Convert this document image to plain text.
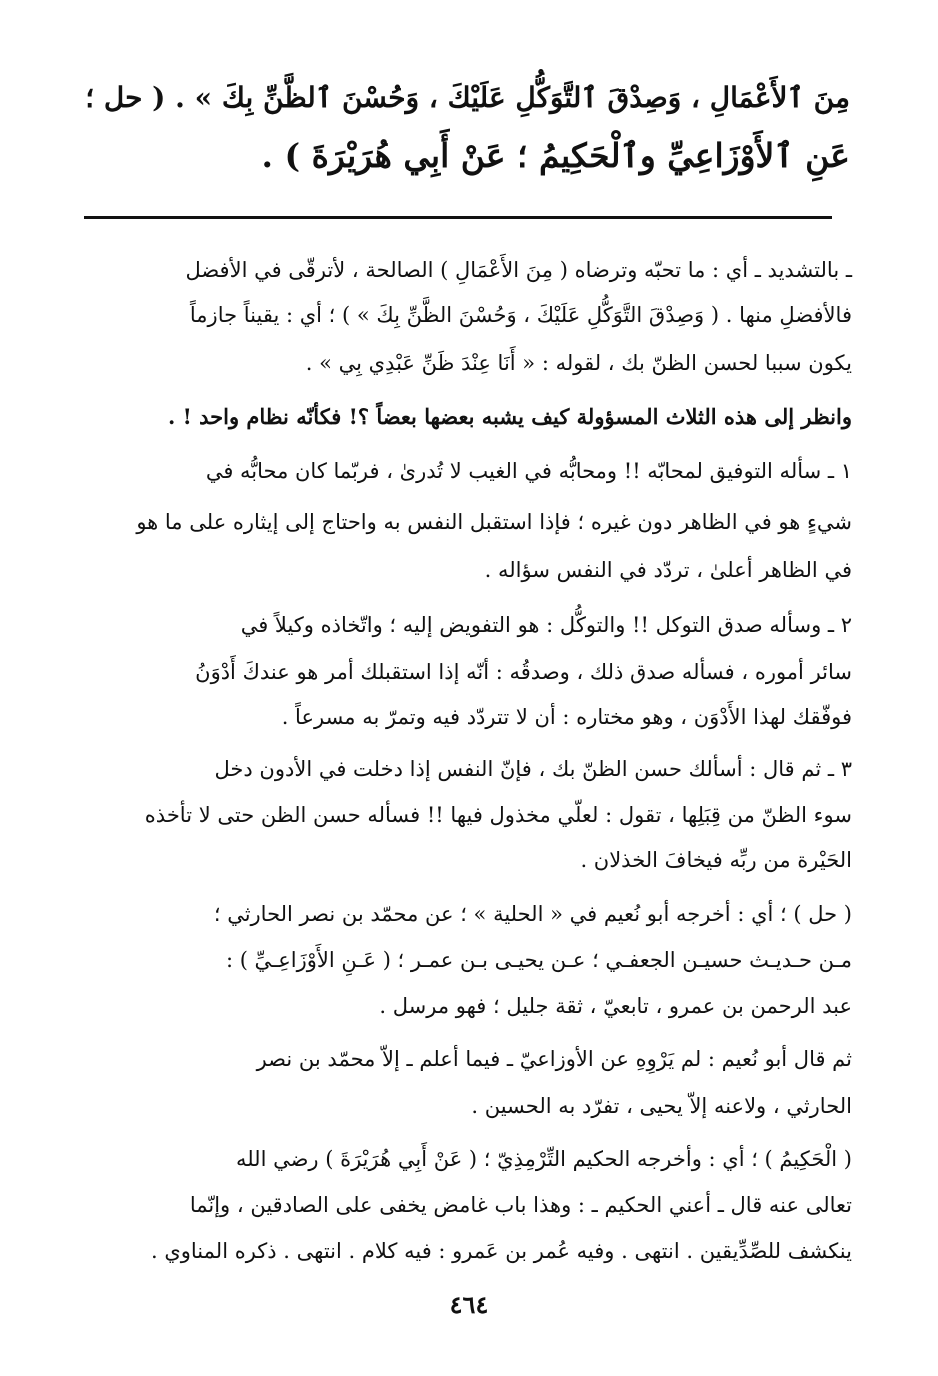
مِنَ ٱلأَعْمَالِ ، وَصِدْقَ ٱلتَّوَكُّلِ عَلَيْكَ ، وَحُسْنَ ٱلظَّنِّ بِكَ » . ( حل ؛
عَنِ ٱلأَوْزَاعِيِّ وٱلْحَكِيمُ ؛ عَنْ أَبِي هُرَيْرَةَ ) .
ـ بالتشديد ـ أي : ما تحبّه وترضاه ( مِنَ الأَعْمَالِ ) الصالحة ، لأترقّى في الأفضل
فالأفضلِ منها . ( وَصِدْقَ التَّوَكُّلِ عَلَيْكَ ، وَحُسْنَ الظَّنِّ بِكَ » ) ؛ أي : يقيناً جازماً
يكون سببا لحسن الظنّ بك ، لقوله : « أَنَا عِنْدَ ظَنِّ عَبْدِي بِي » .
وانظر إلى هذه الثلاث المسؤولة كيف يشبه بعضها بعضاً ؟! فكأنّه نظام واحد ! .
١ ـ سأله التوفيق لمحابّه !! ومحابُّه في الغيب لا تُدرىٰ ، فربّما كان محابُّه في
شيءٍ هو في الظاهر دون غيره ؛ فإذا استقبل النفس به واحتاج إلى إيثاره على ما هو
في الظاهر أعلىٰ ، تردّد في النفس سؤاله .
٢ ـ وسأله صدق التوكل !! والتوكُّل : هو التفويض إليه ؛ واتّخاذه وكيلاً في
سائر أموره ، فسأله صدق ذلك ، وصدقُه : أنّه إذا استقبلك أمر هو عندكَ أَدْوَنُ
فوفّقك لهذا الأَدْوَن ، وهو مختاره : أن لا تتردّد فيه وتمرّ به مسرعاً .
٣ ـ ثم قال : أسألك حسن الظنّ بك ، فإنّ النفس إذا دخلت في الأدون دخل
سوء الظنّ من قِبَلِها ، تقول : لعلّي مخذول فيها !! فسأله حسن الظن حتى لا تأخذه
الحَيْرة من ربِّه فيخافَ الخذلان .
( حل ) ؛ أي : أخرجه أبو نُعيم في « الحلية » ؛ عن محمّد بن نصر الحارثي ؛
مـن حـديـث حسيـن الجعفـي ؛ عـن يحيـى بـن عمـر ؛ ( عَـنِ الأَوْزَاعِـيِّ ) :
عبد الرحمن بن عمرو ، تابعيّ ، ثقة جليل ؛ فهو مرسل .
ثم قال أبو نُعيم : لم يَرْوِهِ عن الأوزاعيّ ـ فيما أعلم ـ إلاّ محمّد بن نصر
الحارثي ، ولاعنه إلاّ يحيى ، تفرّد به الحسين .
( الْحَكِيمُ ) ؛ أي : وأخرجه الحكيم التِّرْمِذِيّ ؛ ( عَنْ أَبِي هُرَيْرَةَ ) رضي الله
تعالى عنه قال ـ أعني الحكيم ـ : وهذا باب غامض يخفى على الصادقين ، وإنّما
ينكشف للصِّدِّيقين . انتهى . وفيه عُمر بن عَمرو : فيه كلام . انتهى . ذكره المناوي .
٤٦٤
